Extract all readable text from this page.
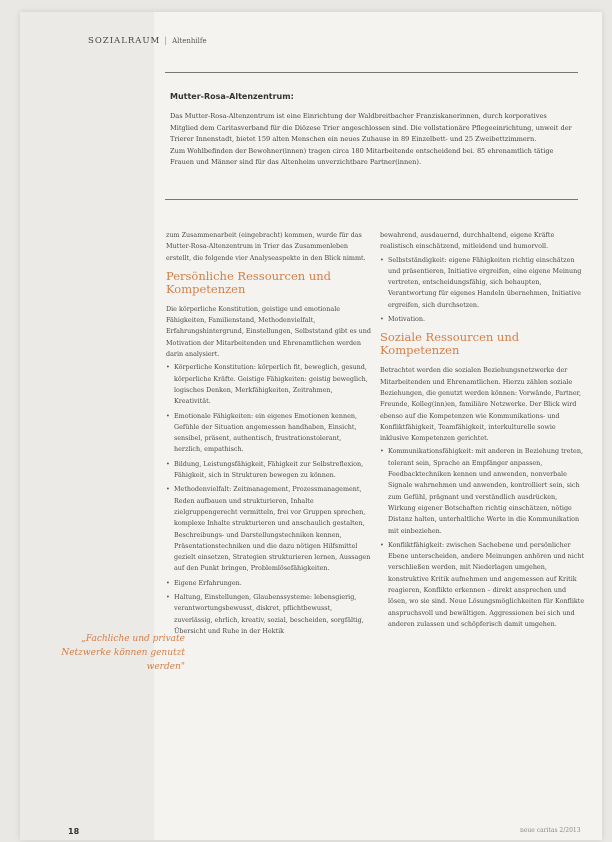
SOZIALRAUM | Altenhilfe
Mutter-Rosa-Altenzentrum:
Das Mutter-Rosa-Altenzentrum ist eine Einrichtung der Waldbreitbacher Franziskanerinnen, durch korporatives Mitglied dem Caritasverband für die Diözese Trier angeschlossen sind. Die vollstationäre Pflegeeinrichtung, unweit der Trierer Innenstadt, bietet 159 alten Menschen ein neues Zuhause in 89 Einzelbett- und 25 Zweibettzimmern.
Zum Wohlbefinden der Bewohner(innen) tragen circa 180 Mitarbeitende entscheidend bei. 85 ehrenamtlich tätige Frauen und Männer sind für das Altenheim unverzichtbare Partner(innen).

zum Zusammenarbeit (eingebracht) kommen, wurde für das Mutter-Rosa-Altenzentrum in Trier das Zusammenleben erstellt, die folgende vier Analyseaspekte in den Blick nimmt.

Persönliche Ressourcen und Kompetenzen

Die körperliche Konstitution, geistige und emotionale Fähigkeiten, Familienstand, Methodenvielfalt, Erfahrungshintergrund, Einstellungen, Selbststand gibt es und Motivation der Mitarbeitenden und Ehrenamtlichen werden darin analysiert.

• Körperliche Konstitution: körperlich fit, beweglich, gesund, körperliche Kräfte. Geistige Fähigkeiten: geistig beweglich, logisches Denken, Merkfähigkeiten, Zeitrahmen, Kreativität.
• Emotionale Fähigkeiten: ein eigenes Emotionen kennen, Gefühle der Situation angemessen handhaben, Einsicht, sensibel, präsent, authentisch, frustrationstolerant, herzlich, empathisch.
• Bildung, Leistungsfähigkeit, Fähigkeit zur Selbstreflexion, Fähigkeit, sich in Strukturen bewegen zu können.
• Methodenvielfalt: Zeitmanagement, Prozessmanagement, Reden aufbauen und strukturieren, Inhalte zielgruppengerecht vermitteln, frei vor Gruppen sprechen, komplexe Inhalte strukturieren und anschaulich gestalten, Beschreibungs- und Darstellungstechniken kennen, Präsentationstechniken und die dazu nötigen Hilfsmittel gezielt einsetzen, Strategien strukturieren lernen, Aussagen auf den Punkt bringen, Problemlösefähigkeiten.
• Eigene Erfahrungen.
• Haltung, Einstellungen, Glaubenssysteme: lebensgierig, verantwortungsbewusst, diskret, pflichtbewusst, zuverlässig, ehrlich, kreativ, sozial, bescheiden, sorgfältig, Übersicht und Ruhe in der Hektik

bewahrend, ausdauernd, durchhaltend, eigene Kräfte realistisch einschätzend, mitleidend und humorvoll.

• Selbstständigkeit: eigene Fähigkeiten richtig einschätzen und präsentieren, Initiative ergreifen, eine eigene Meinung vertreten, entscheidungsfähig, sich behaupten, Verantwortung für eigenes Handeln übernehmen, Initiative ergreifen, sich durchsetzen.
• Motivation.
Soziale Ressourcen und Kompetenzen

Betrachtet werden die sozialen Beziehungsnetzwerke der Mitarbeitenden und Ehrenamtlichen. Hierzu zählen soziale Beziehungen, die genutzt werden können: Vorwände, Partner, Freunde, Kolleg(inn)en, familiäre Netzwerke. Der Blick wird ebenso auf die Kompetenzen wie Kommunikations- und Konfliktfähigkeit, Teamfähigkeit, interkulturelle sowie inklusive Kompetenzen gerichtet.

• Kommunikationsfähigkeit: mit anderen in Beziehung treten, tolerant sein, Sprache an Empfänger anpassen, Feedbacktechniken kennen und anwenden, nonverbale Signale wahrnehmen und anwenden, kontrolliert sein, sich zum Gefühl, prägnant und verständlich ausdrücken, Wirkung eigener Botschaften richtig einschätzen, nötige Distanz halten, unterhaltliche Werte in die Kommunikation mit einbeziehen.
• Konfliktfähigkeit: zwischen Sachebene und persönlicher Ebene unterscheiden, andere Meinungen anhören und nicht verschließen werden, mit Niederlagen umgehen, konstruktive Kritik aufnehmen und angemessen auf Kritik reagieren, Konflikte erkennen – direkt ansprechen und lösen, wo sie sind. Neue Lösungsmöglichkeiten für Konflikte anspruchsvoll und bewältigen. Aggressionen bei sich und anderen zulassen und schöpferisch damit umgehen.
„Fachliche und private Netzwerke können genutzt werden"
18	neue caritas 2/2013
